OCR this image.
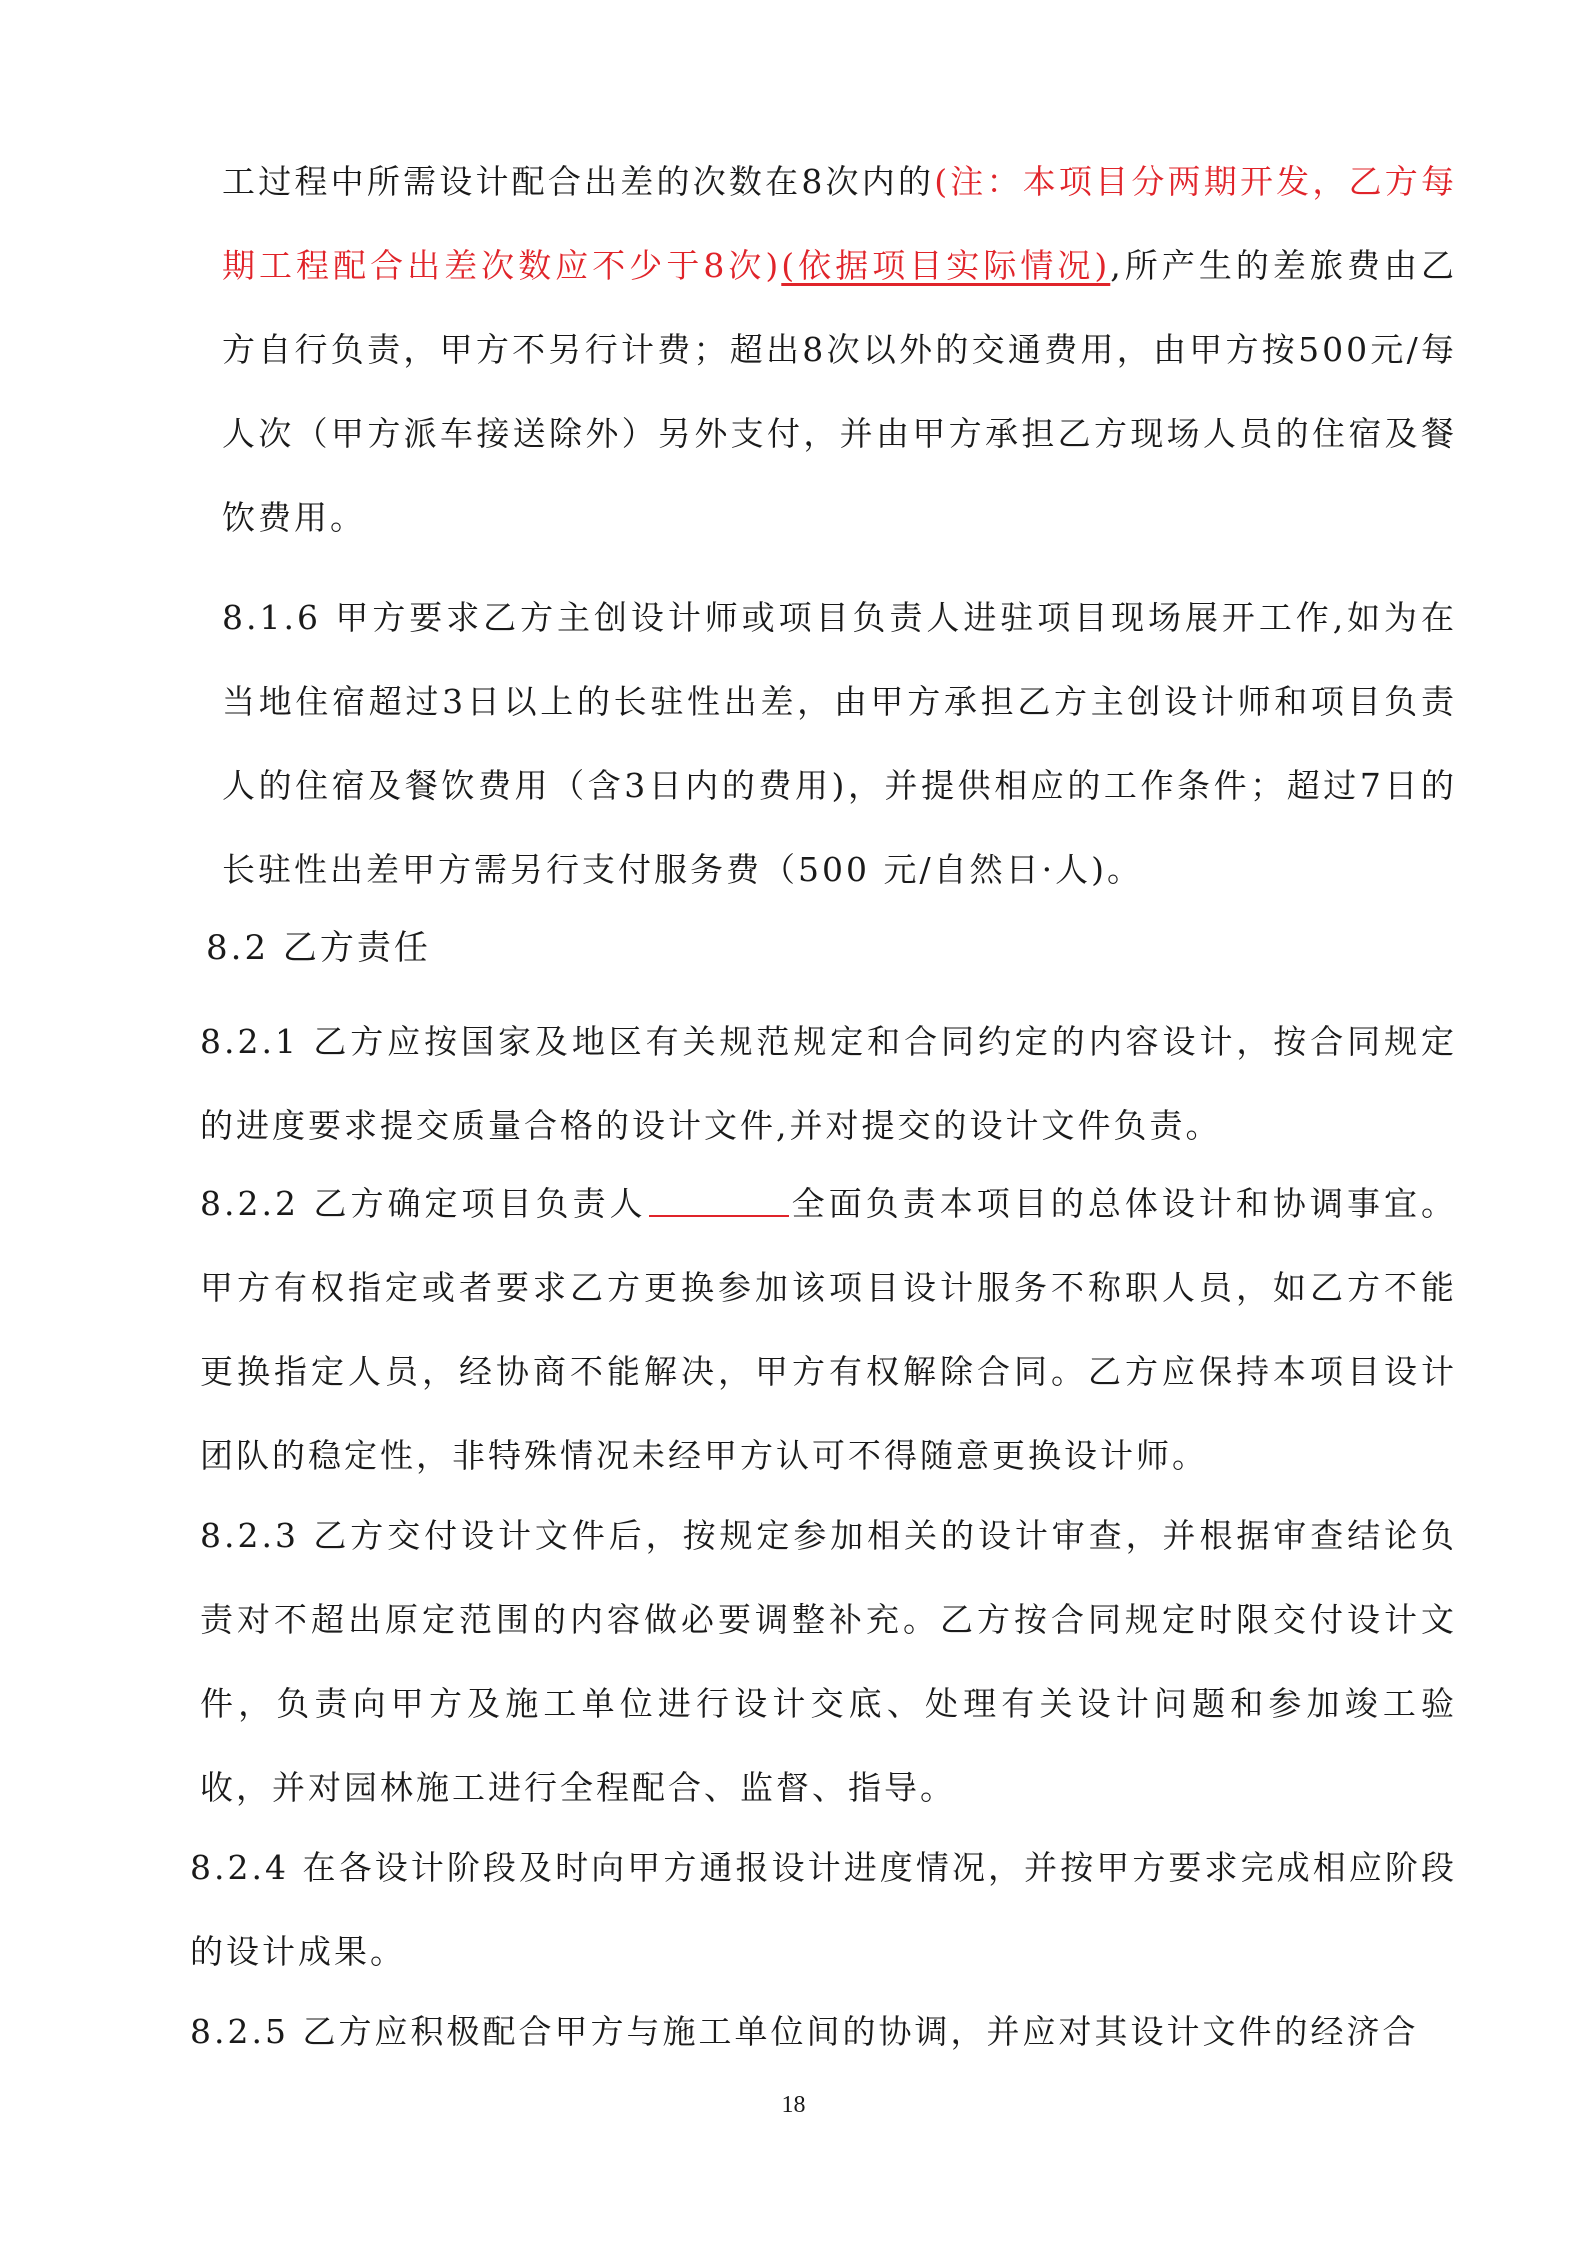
工过程中所需设计配合出差的次数在8次内的(注：本项目分两期开发，乙方每期工程配合出差次数应不少于8次)(依据项目实际情况),所产生的差旅费由乙方自行负责，甲方不另行计费；超出8次以外的交通费用，由甲方按500元/每人次（甲方派车接送除外）另外支付，并由甲方承担乙方现场人员的住宿及餐饮费用。

8.1.6 甲方要求乙方主创设计师或项目负责人进驻项目现场展开工作,如为在当地住宿超过3日以上的长驻性出差，由甲方承担乙方主创设计师和项目负责人的住宿及餐饮费用（含3日内的费用)，并提供相应的工作条件；超过7日的长驻性出差甲方需另行支付服务费（500 元/自然日·人)。

8.2 乙方责任

8.2.1 乙方应按国家及地区有关规范规定和合同约定的内容设计，按合同规定的进度要求提交质量合格的设计文件,并对提交的设计文件负责。

8.2.2 乙方确定项目负责人	全面负责本项目的总体设计和协调事宜。甲方有权指定或者要求乙方更换参加该项目设计服务不称职人员，如乙方不能更换指定人员，经协商不能解决，甲方有权解除合同。乙方应保持本项目设计团队的稳定性，非特殊情况未经甲方认可不得随意更换设计师。

8.2.3 乙方交付设计文件后，按规定参加相关的设计审查，并根据审查结论负责对不超出原定范围的内容做必要调整补充。乙方按合同规定时限交付设计文件，负责向甲方及施工单位进行设计交底、处理有关设计问题和参加竣工验收，并对园林施工进行全程配合、监督、指导。

8.2.4 在各设计阶段及时向甲方通报设计进度情况，并按甲方要求完成相应阶段的设计成果。

8.2.5 乙方应积极配合甲方与施工单位间的协调，并应对其设计文件的经济合

18
